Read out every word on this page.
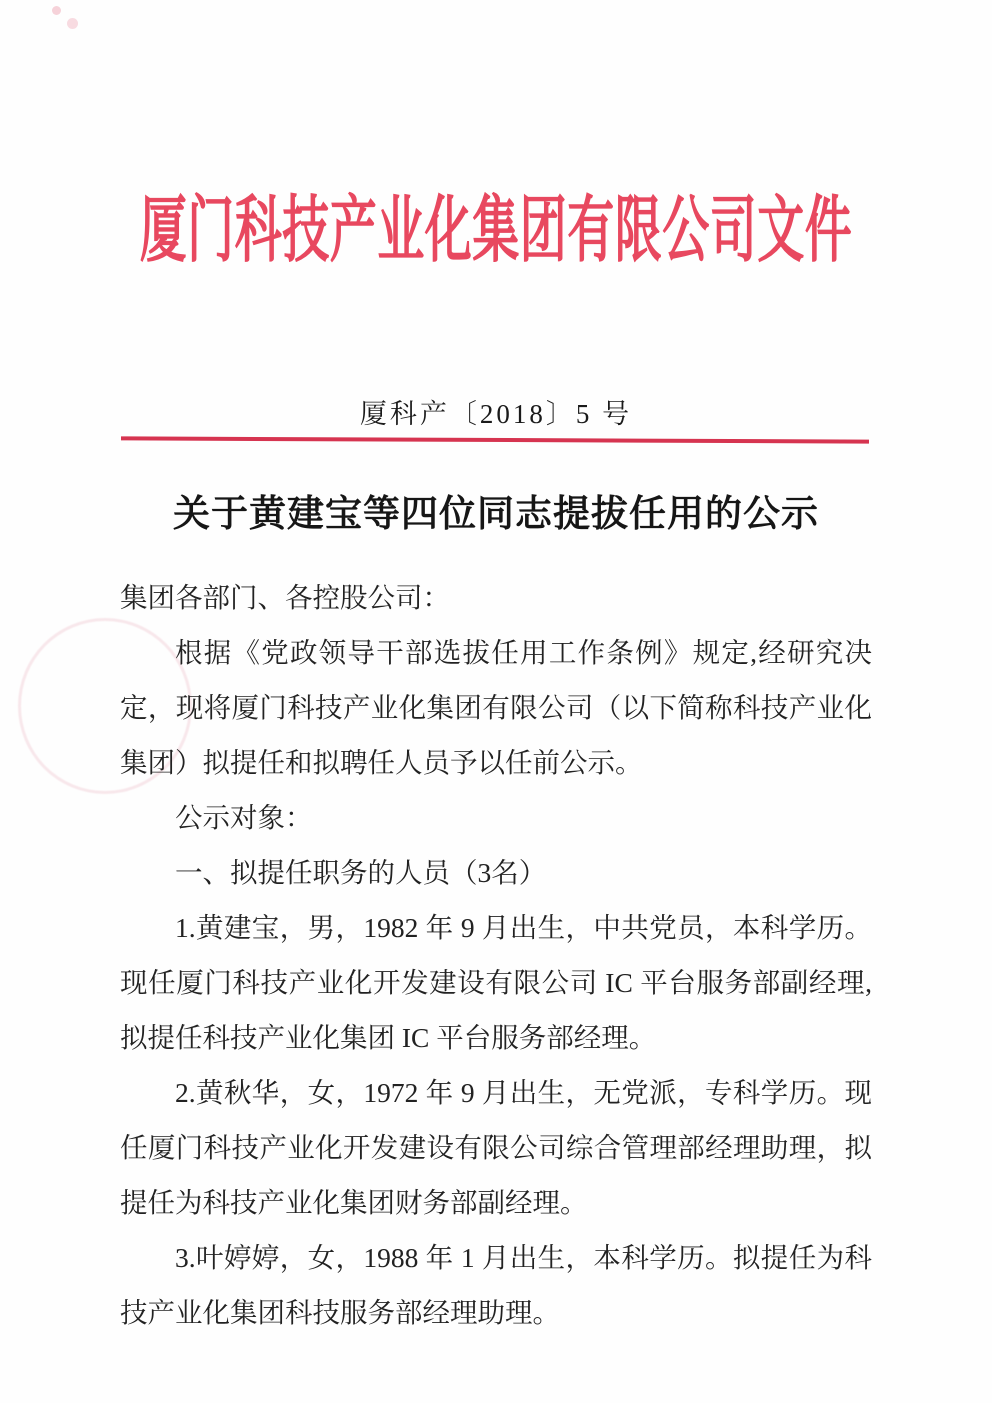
厦门科技产业化集团有限公司文件
厦科产〔2018〕5 号
关于黄建宝等四位同志提拔任用的公示

集团各部门、各控股公司：

根据《党政领导干部选拔任用工作条例》规定,经研究决定，现将厦门科技产业化集团有限公司（以下简称科技产业化集团）拟提任和拟聘任人员予以任前公示。

公示对象：

一、拟提任职务的人员（3名）

1.黄建宝，男，1982 年 9 月出生，中共党员，本科学历。现任厦门科技产业化开发建设有限公司 IC 平台服务部副经理,拟提任科技产业化集团 IC 平台服务部经理。

2.黄秋华，女，1972 年 9 月出生，无党派，专科学历。现任厦门科技产业化开发建设有限公司综合管理部经理助理，拟提任为科技产业化集团财务部副经理。

3.叶婷婷，女，1988 年 1 月出生，本科学历。拟提任为科技产业化集团科技服务部经理助理。
